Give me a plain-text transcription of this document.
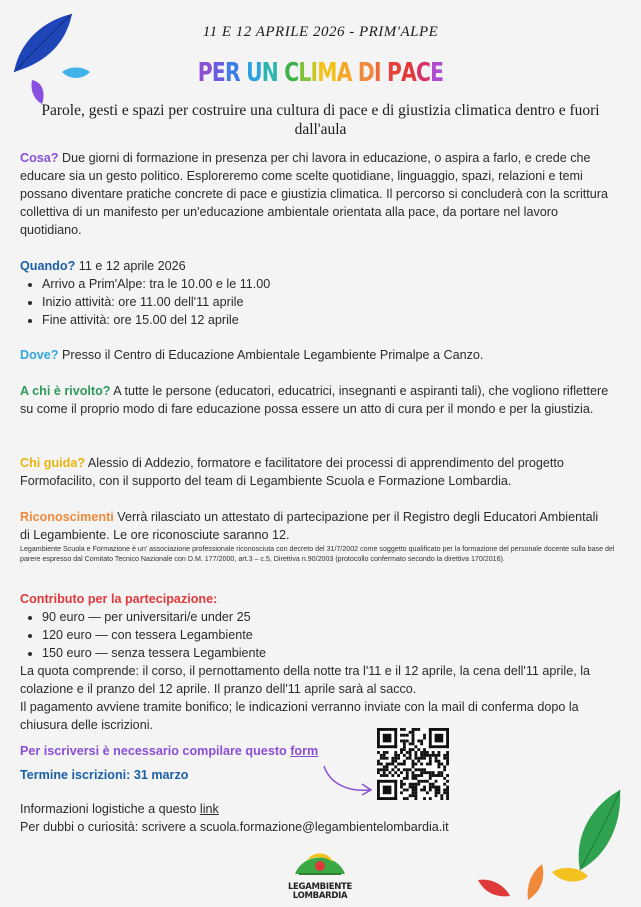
11 E 12 APRILE 2026 - PRIM'ALPE
PER UN CLIMA DI PACE
Parole, gesti e spazi per costruire una cultura di pace e di giustizia climatica dentro e fuori dall'aula
Cosa? Due giorni di formazione in presenza per chi lavora in educazione, o aspira a farlo, e crede che educare sia un gesto politico. Esploreremo come scelte quotidiane, linguaggio, spazi, relazioni e temi possano diventare pratiche concrete di pace e giustizia climatica. Il percorso si concluderà con la scrittura collettiva di un manifesto per un'educazione ambientale orientata alla pace, da portare nel lavoro quotidiano.
Quando? 11 e 12 aprile 2026
• Arrivo a Prim'Alpe: tra le 10.00 e le 11.00
• Inizio attività: ore 11.00 dell'11 aprile
• Fine attività: ore 15.00 del 12 aprile
Dove? Presso il Centro di Educazione Ambientale Legambiente Primalpe a Canzo.
A chi è rivolto? A tutte le persone (educatori, educatrici, insegnanti e aspiranti tali), che vogliono riflettere su come il proprio modo di fare educazione possa essere un atto di cura per il mondo e per la giustizia.
Chi guida? Alessio di Addezio, formatore e facilitatore dei processi di apprendimento del progetto Formofacilito, con il supporto del team di Legambiente Scuola e Formazione Lombardia.
Riconoscimenti Verrà rilasciato un attestato di partecipazione per il Registro degli Educatori Ambientali di Legambiente. Le ore riconosciute saranno 12.
Legambiente Scuola e Formazione è un' associazione professionale riconosciuta con decreto del 31/7/2002 come soggetto qualificato per la formazione del personale docente sulla base del parere espresso dal Comitato Tecnico Nazionale con D.M. 177/2000, art.3 – c.5, Direttiva n.90/2003 (protocollo confermato secondo la direttiva 170/2016).
Contributo per la partecipazione:
• 90 euro — per universitari/e under 25
• 120 euro — con tessera Legambiente
• 150 euro — senza tessera Legambiente
La quota comprende: il corso, il pernottamento della notte tra l'11 e il 12 aprile, la cena dell'11 aprile, la colazione e il pranzo del 12 aprile. Il pranzo dell'11 aprile sarà al sacco.
Il pagamento avviene tramite bonifico; le indicazioni verranno inviate con la mail di conferma dopo la chiusura delle iscrizioni.
Per iscriversi è necessario compilare questo form
Termine iscrizioni: 31 marzo
Informazioni logistiche a questo link
Per dubbi o curiosità: scrivere a scuola.formazione@legambientelombardia.it
LEGAMBIENTE
LOMBARDIA
